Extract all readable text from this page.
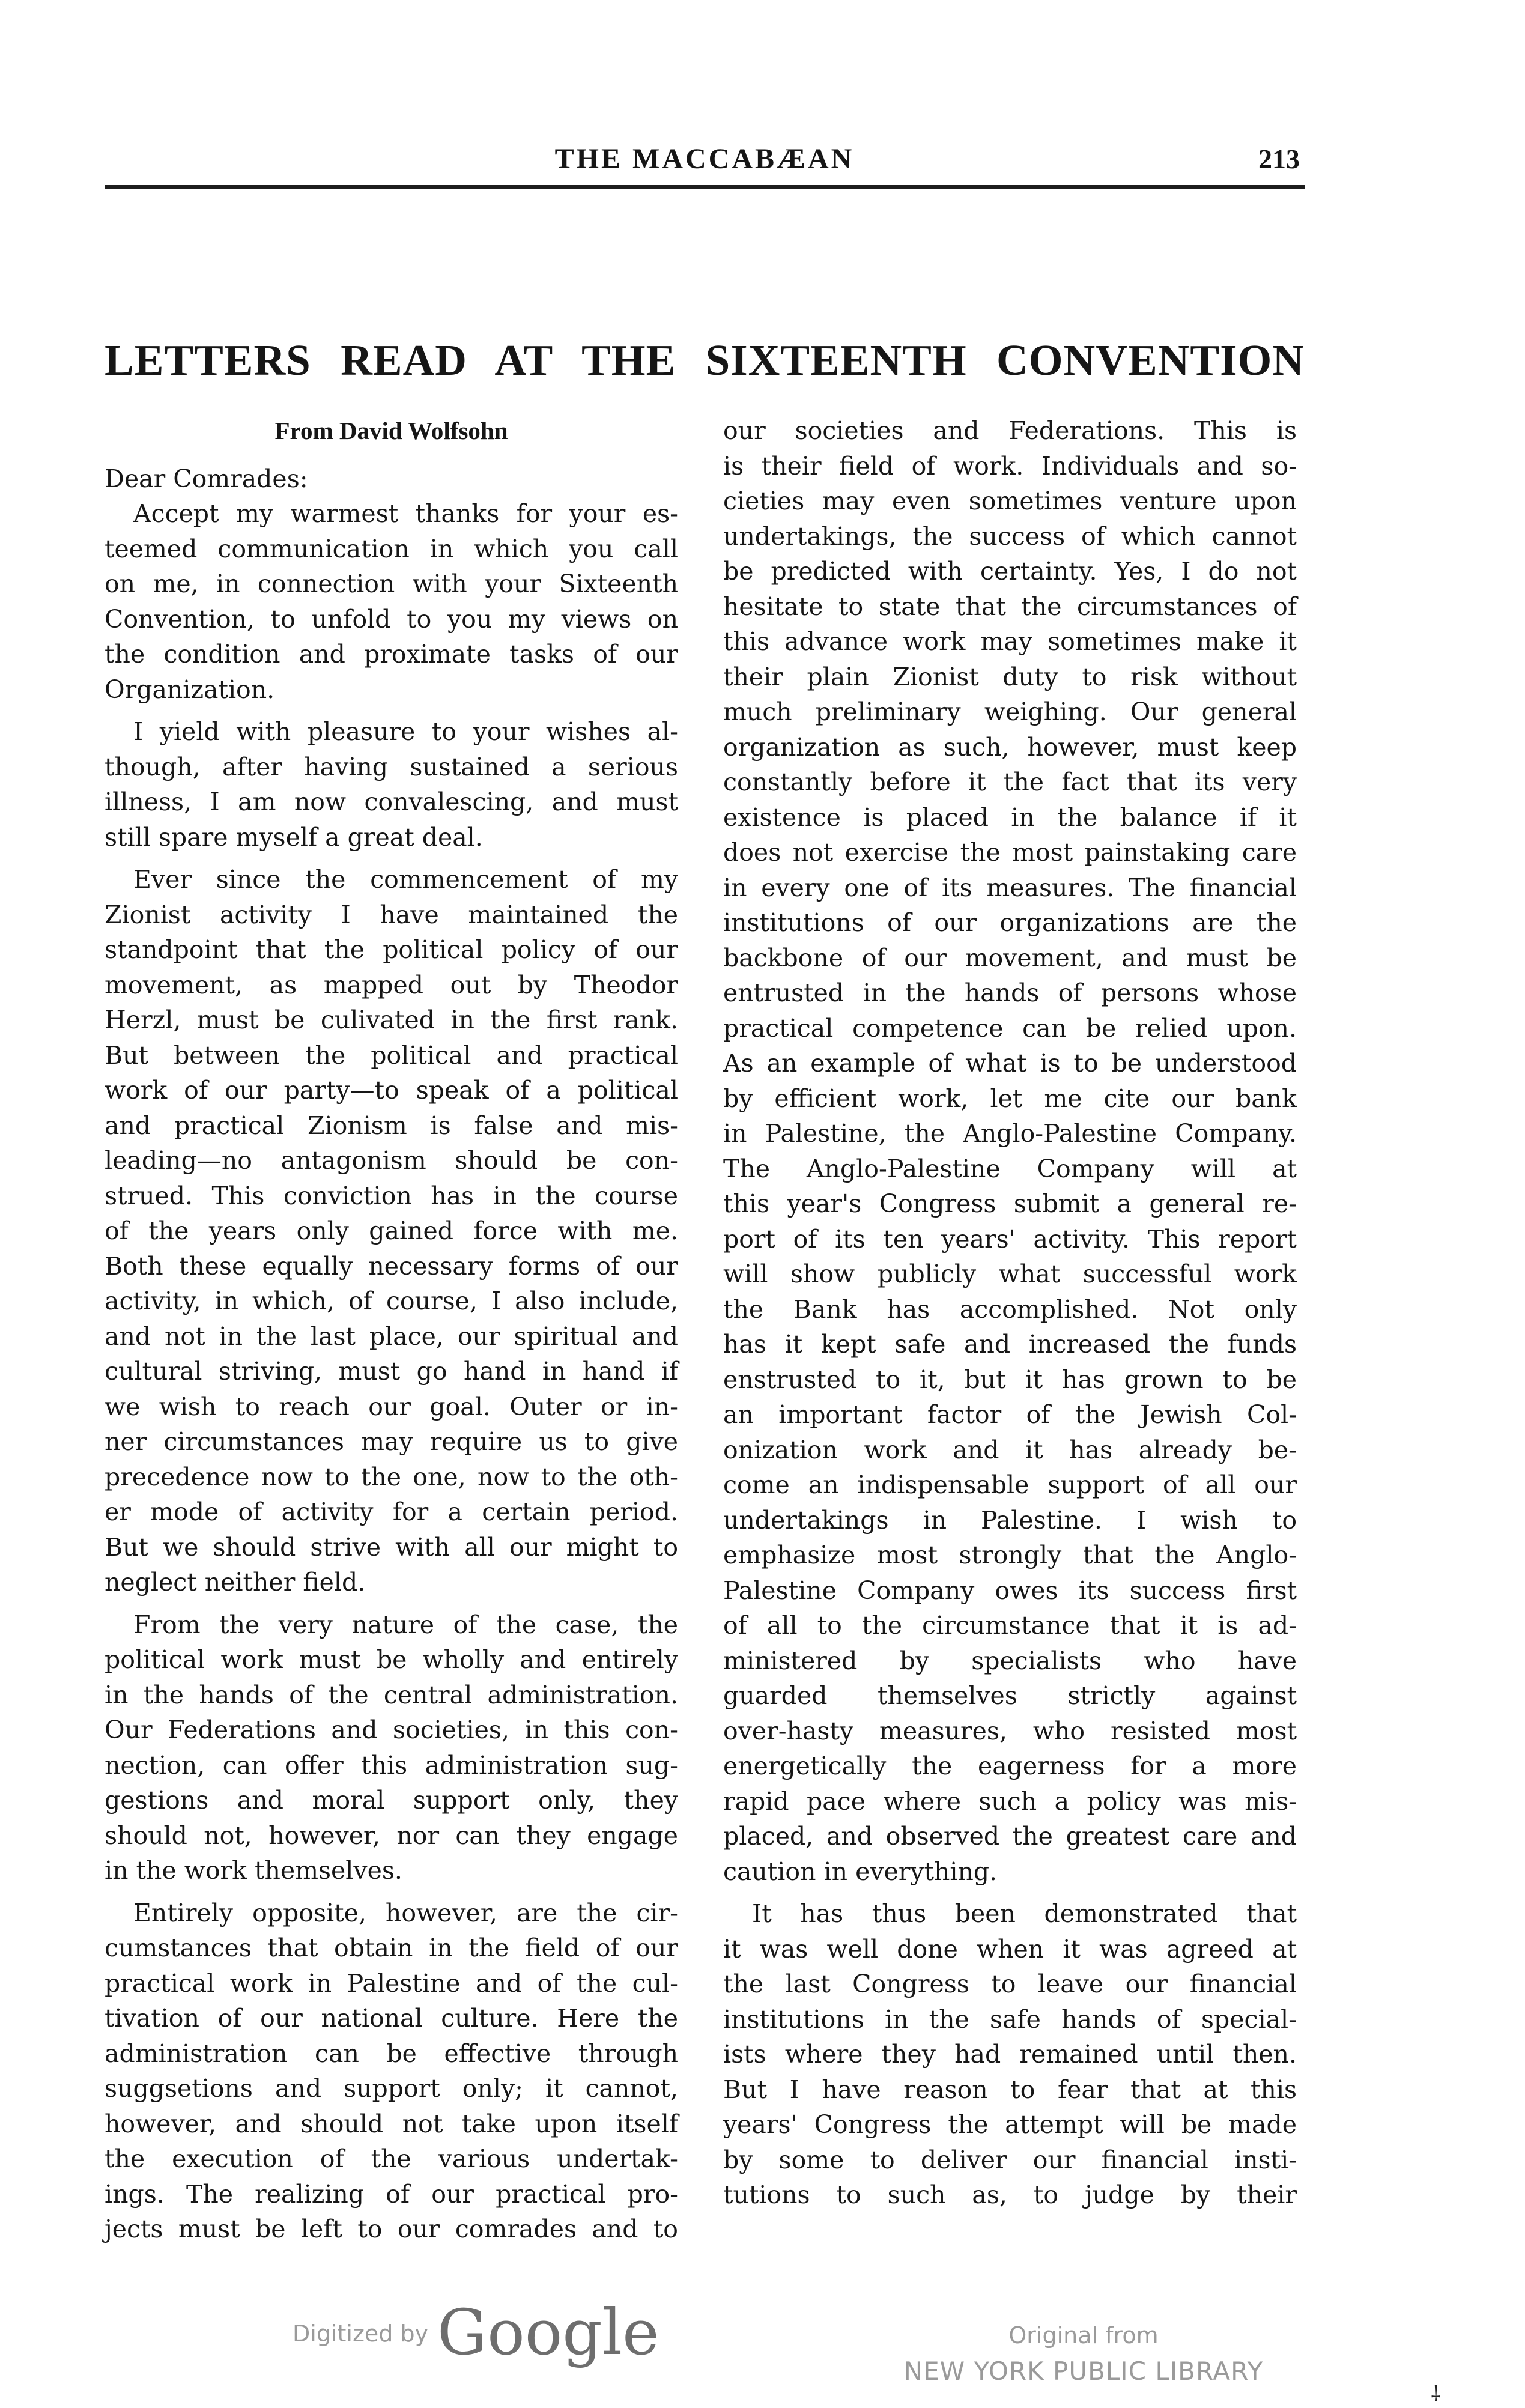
THE MACCABÆAN	213
LETTERS READ AT THE SIXTEENTH CONVENTION
From David Wolfsohn
Dear Comrades:
Accept my warmest thanks for your es-
teemed communication in which you call
on me, in connection with your Sixteenth
Convention, to unfold to you my views on
the condition and proximate tasks of our
Organization.
I yield with pleasure to your wishes al-
though, after having sustained a serious
illness, I am now convalescing, and must
still spare myself a great deal.
Ever since the commencement of my
Zionist activity I have maintained the
standpoint that the political policy of our
movement, as mapped out by Theodor
Herzl, must be culivated in the first rank.
But between the political and practical
work of our party—to speak of a political
and practical Zionism is false and mis-
leading—no antagonism should be con-
strued. This conviction has in the course
of the years only gained force with me.
Both these equally necessary forms of our
activity, in which, of course, I also include,
and not in the last place, our spiritual and
cultural striving, must go hand in hand if
we wish to reach our goal. Outer or in-
ner circumstances may require us to give
precedence now to the one, now to the oth-
er mode of activity for a certain period.
But we should strive with all our might to
neglect neither field.
From the very nature of the case, the
political work must be wholly and entirely
in the hands of the central administration.
Our Federations and societies, in this con-
nection, can offer this administration sug-
gestions and moral support only, they
should not, however, nor can they engage
in the work themselves.
Entirely opposite, however, are the cir-
cumstances that obtain in the field of our
practical work in Palestine and of the cul-
tivation of our national culture. Here the
administration can be effective through
suggsetions and support only; it cannot,
however, and should not take upon itself
the execution of the various undertak-
ings. The realizing of our practical pro-
jects must be left to our comrades and to
our societies and Federations. This is
is their field of work. Individuals and so-
cieties may even sometimes venture upon
undertakings, the success of which cannot
be predicted with certainty. Yes, I do not
hesitate to state that the circumstances of
this advance work may sometimes make it
their plain Zionist duty to risk without
much preliminary weighing. Our general
organization as such, however, must keep
constantly before it the fact that its very
existence is placed in the balance if it
does not exercise the most painstaking care
in every one of its measures. The financial
institutions of our organizations are the
backbone of our movement, and must be
entrusted in the hands of persons whose
practical competence can be relied upon.
As an example of what is to be understood
by efficient work, let me cite our bank
in Palestine, the Anglo-Palestine Company.
The Anglo-Palestine Company will at
this year's Congress submit a general re-
port of its ten years' activity. This report
will show publicly what successful work
the Bank has accomplished. Not only
has it kept safe and increased the funds
enstrusted to it, but it has grown to be
an important factor of the Jewish Col-
onization work and it has already be-
come an indispensable support of all our
undertakings in Palestine. I wish to
emphasize most strongly that the Anglo-
Palestine Company owes its success first
of all to the circumstance that it is ad-
ministered by specialists who have
guarded themselves strictly against
over-hasty measures, who resisted most
energetically the eagerness for a more
rapid pace where such a policy was mis-
placed, and observed the greatest care and
caution in everything.
It has thus been demonstrated that
it was well done when it was agreed at
the last Congress to leave our financial
institutions in the safe hands of special-
ists where they had remained until then.
But I have reason to fear that at this
years' Congress the attempt will be made
by some to deliver our financial insti-
tutions to such as, to judge by their
Digitized by Google	Original from
NEW YORK PUBLIC LIBRARY
⸸
